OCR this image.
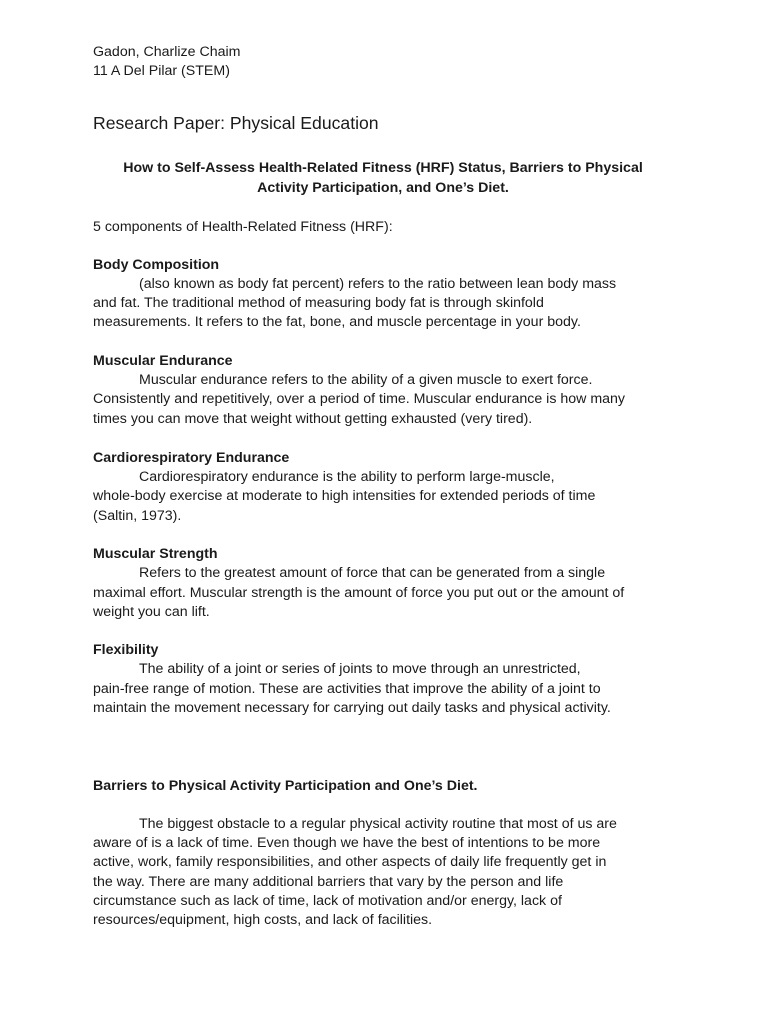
Gadon, Charlize Chaim
11 A Del Pilar (STEM)
Research Paper: Physical Education
How to Self-Assess Health-Related Fitness (HRF) Status, Barriers to Physical
Activity Participation, and One’s Diet.
5 components of Health-Related Fitness (HRF):
Body Composition
(also known as body fat percent) refers to the ratio between lean body mass
and fat. The traditional method of measuring body fat is through skinfold
measurements. It refers to the fat, bone, and muscle percentage in your body.
Muscular Endurance
Muscular endurance refers to the ability of a given muscle to exert force.
Consistently and repetitively, over a period of time. Muscular endurance is how many
times you can move that weight without getting exhausted (very tired).
Cardiorespiratory Endurance
Cardiorespiratory endurance is the ability to perform large-muscle,
whole-body exercise at moderate to high intensities for extended periods of time
(Saltin, 1973).
Muscular Strength
Refers to the greatest amount of force that can be generated from a single
maximal effort. Muscular strength is the amount of force you put out or the amount of
weight you can lift.
Flexibility
The ability of a joint or series of joints to move through an unrestricted,
pain-free range of motion. These are activities that improve the ability of a joint to
maintain the movement necessary for carrying out daily tasks and physical activity.
Barriers to Physical Activity Participation and One’s Diet.
The biggest obstacle to a regular physical activity routine that most of us are
aware of is a lack of time. Even though we have the best of intentions to be more
active, work, family responsibilities, and other aspects of daily life frequently get in
the way. There are many additional barriers that vary by the person and life
circumstance such as lack of time, lack of motivation and/or energy, lack of
resources/equipment, high costs, and lack of facilities.
